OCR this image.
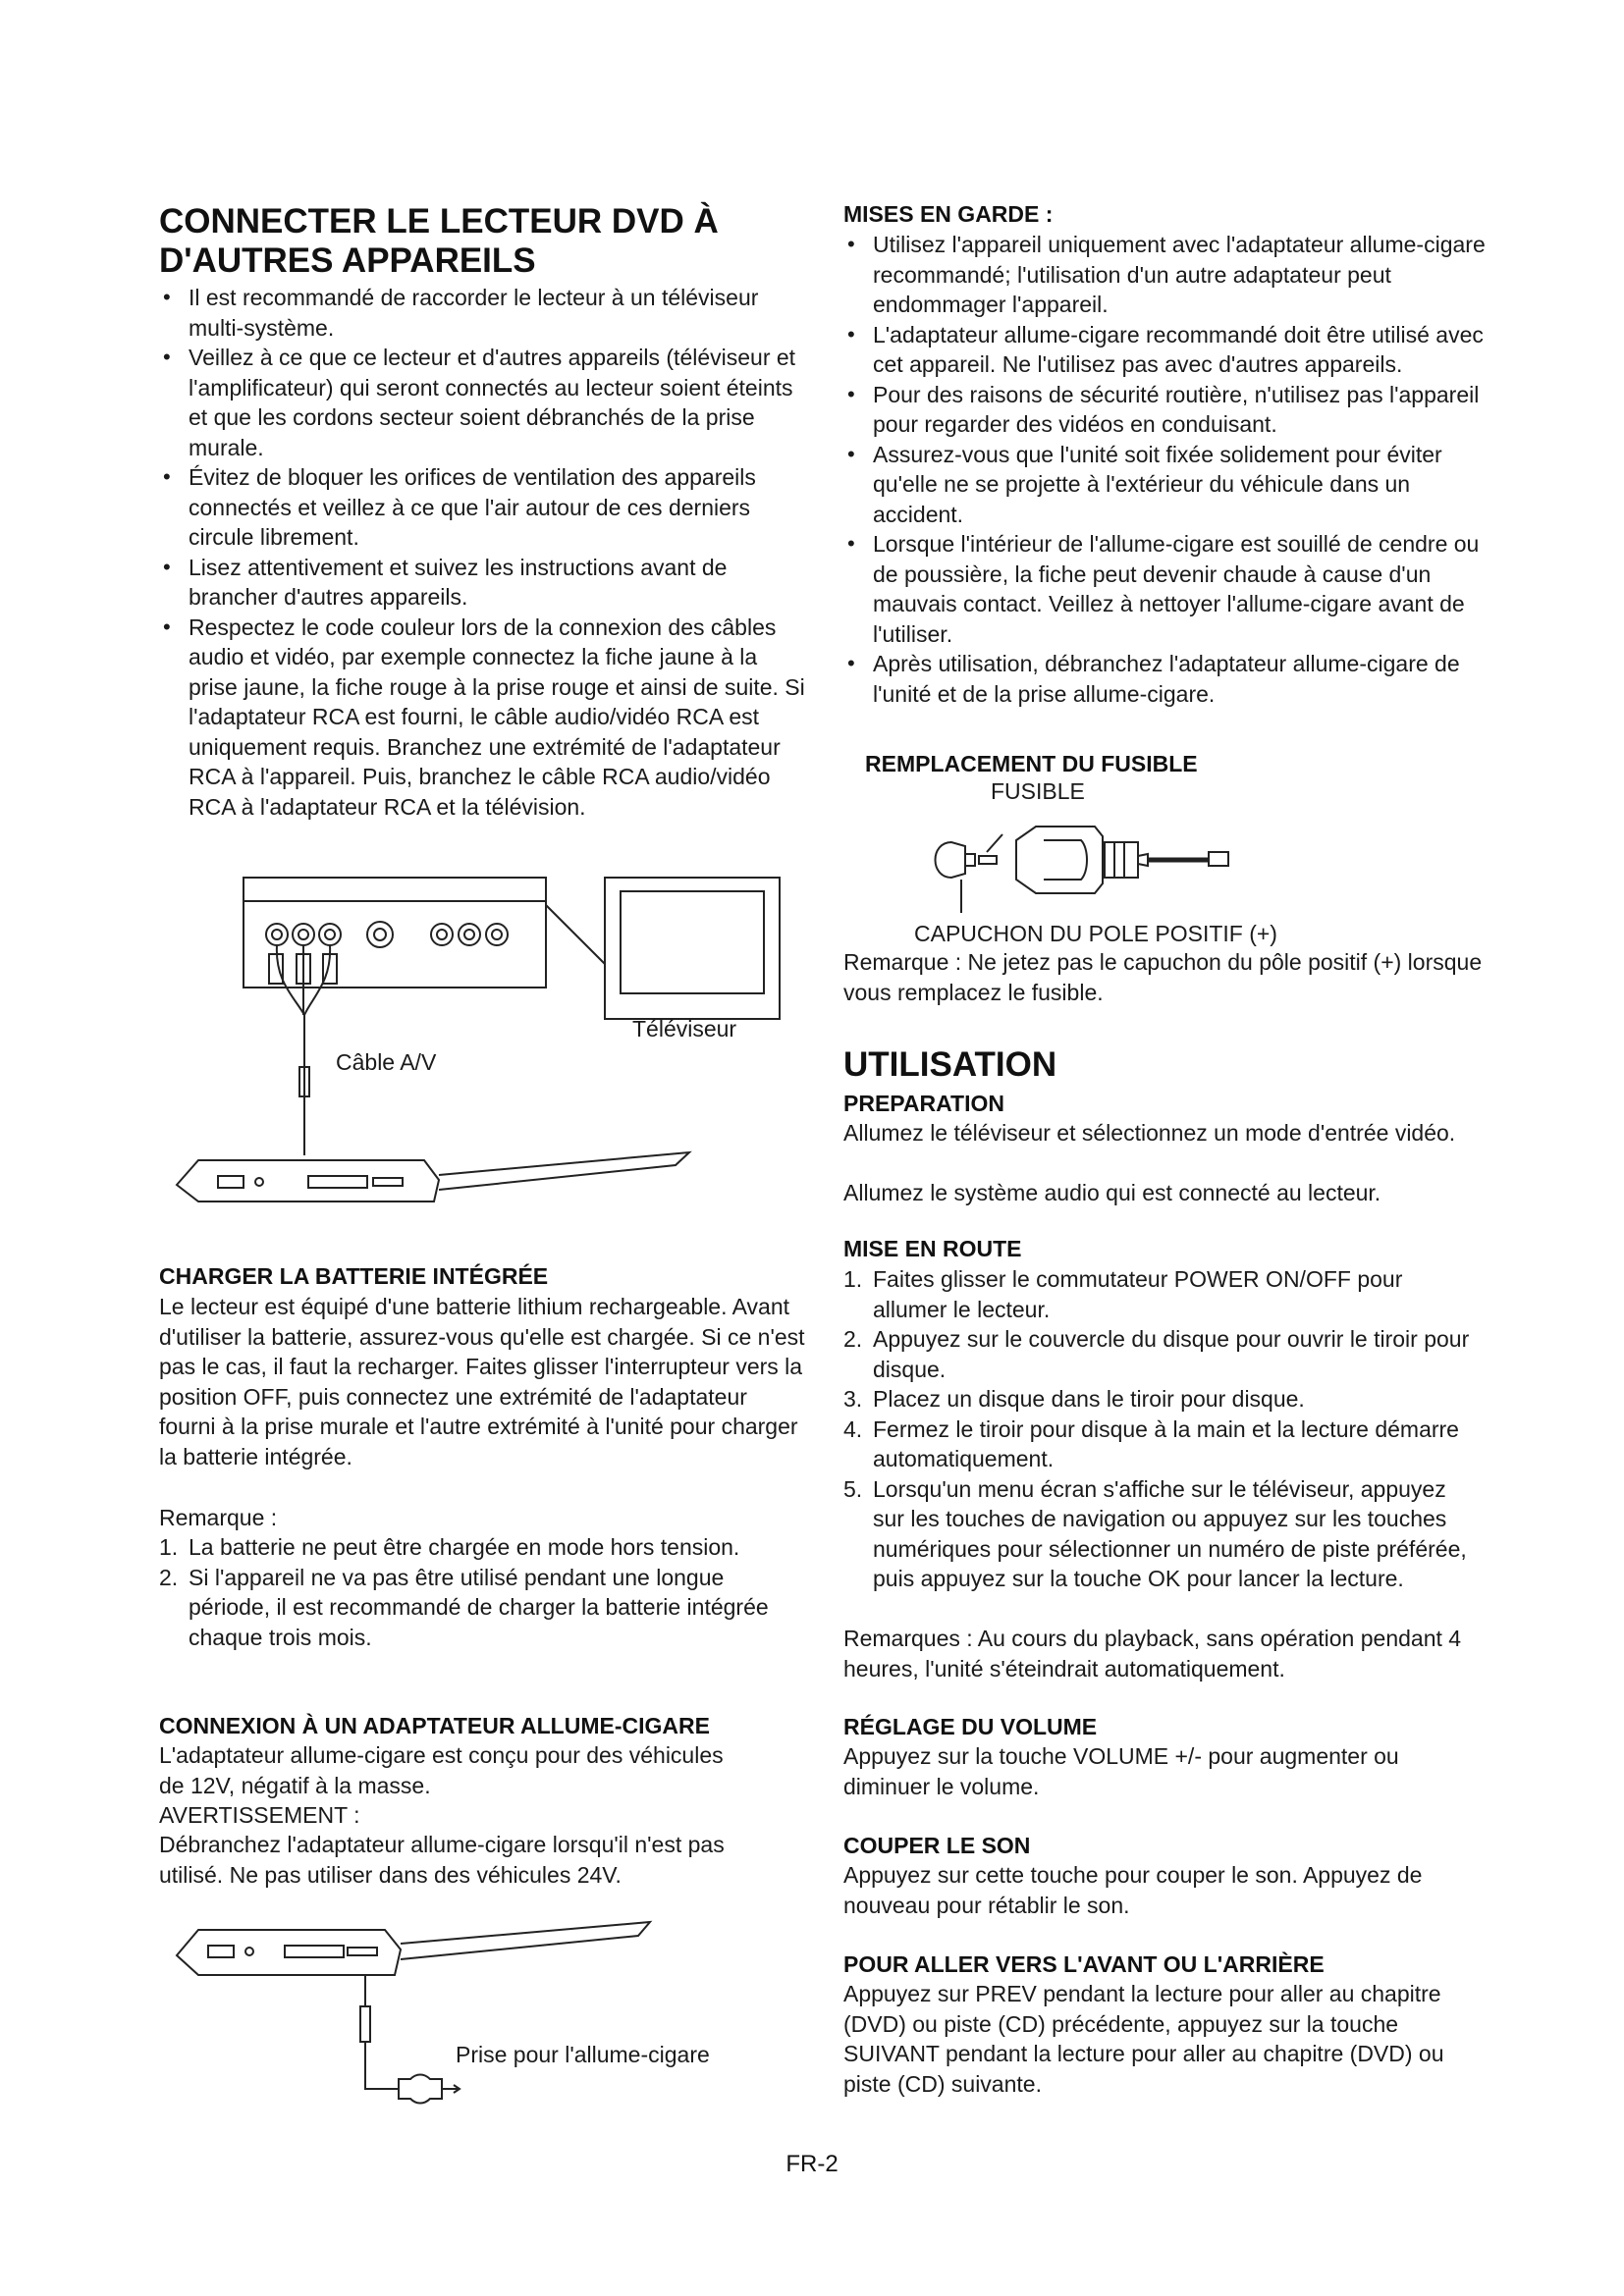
CONNECTER LE LECTEUR DVD À
D'AUTRES APPAREILS
• Il est recommandé de raccorder le lecteur à un téléviseur multi-système.
• Veillez à ce que ce lecteur et d'autres appareils (téléviseur et l'amplificateur) qui seront connectés au lecteur soient éteints et que les cordons secteur soient débranchés de la prise murale.
• Évitez de bloquer les orifices de ventilation des appareils connectés et veillez à ce que l'air autour de ces derniers circule librement.
• Lisez attentivement et suivez les instructions avant de brancher d'autres appareils.
• Respectez le code couleur lors de la connexion des câbles audio et vidéo, par exemple connectez la fiche jaune à la prise jaune, la fiche rouge à la prise rouge et ainsi de suite. Si l'adaptateur RCA est fourni, le câble audio/vidéo RCA est uniquement requis. Branchez une extrémité de l'adaptateur RCA à l'appareil. Puis, branchez le câble RCA audio/vidéo RCA à l'adaptateur RCA et la télévision.
Téléviseur
Câble A/V
CHARGER LA BATTERIE INTÉGRÉE
Le lecteur est équipé d'une batterie lithium rechargeable. Avant d'utiliser la batterie, assurez-vous qu'elle est chargée. Si ce n'est pas le cas, il faut la recharger. Faites glisser l'interrupteur vers la position OFF, puis connectez une extrémité de l'adaptateur fourni à la prise murale et l'autre extrémité à l'unité pour charger la batterie intégrée.
Remarque :
1. La batterie ne peut être chargée en mode hors tension.
2. Si l'appareil ne va pas être utilisé pendant une longue période, il est recommandé de charger la batterie intégrée chaque trois mois.
CONNEXION À UN ADAPTATEUR ALLUME-CIGARE
L'adaptateur allume-cigare est conçu pour des véhicules de 12V, négatif à la masse.
AVERTISSEMENT :
Débranchez l'adaptateur allume-cigare lorsqu'il n'est pas utilisé. Ne pas utiliser dans des véhicules 24V.
Prise pour l'allume-cigare
MISES EN GARDE :
• Utilisez l'appareil uniquement avec l'adaptateur allume-cigare recommandé; l'utilisation d'un autre adaptateur peut endommager l'appareil.
• L'adaptateur allume-cigare recommandé doit être utilisé avec cet appareil. Ne l'utilisez pas avec d'autres appareils.
• Pour des raisons de sécurité routière, n'utilisez pas l'appareil pour regarder des vidéos en conduisant.
• Assurez-vous que l'unité soit fixée solidement pour éviter qu'elle ne se projette à l'extérieur du véhicule dans un accident.
• Lorsque l'intérieur de l'allume-cigare est souillé de cendre ou de poussière, la fiche peut devenir chaude à cause d'un mauvais contact. Veillez à nettoyer l'allume-cigare avant de l'utiliser.
• Après utilisation, débranchez l'adaptateur allume-cigare de l'unité et de la prise allume-cigare.
REMPLACEMENT DU FUSIBLE
FUSIBLE
CAPUCHON DU POLE POSITIF (+)
Remarque : Ne jetez pas le capuchon du pôle positif (+) lorsque vous remplacez le fusible.
UTILISATION
PREPARATION
Allumez le téléviseur et sélectionnez un mode d'entrée vidéo.
Allumez le système audio qui est connecté au lecteur.
MISE EN ROUTE
1. Faites glisser le commutateur POWER ON/OFF pour allumer le lecteur.
2. Appuyez sur le couvercle du disque pour ouvrir le tiroir pour disque.
3. Placez un disque dans le tiroir pour disque.
4. Fermez le tiroir pour disque à la main et la lecture démarre automatiquement.
5. Lorsqu'un menu écran s'affiche sur le téléviseur, appuyez sur les touches de navigation ou appuyez sur les touches numériques pour sélectionner un numéro de piste préférée, puis appuyez sur la touche OK pour lancer la lecture.
Remarques : Au cours du playback, sans opération pendant 4 heures, l'unité s'éteindrait automatiquement.
RÉGLAGE DU VOLUME
Appuyez sur la touche VOLUME +/- pour augmenter ou diminuer le volume.
COUPER LE SON
Appuyez sur cette touche pour couper le son. Appuyez de nouveau pour rétablir le son.
POUR ALLER VERS L'AVANT OU L'ARRIÈRE
Appuyez sur PREV pendant la lecture pour aller au chapitre (DVD) ou piste (CD) précédente, appuyez sur la touche SUIVANT pendant la lecture pour aller au chapitre (DVD) ou piste (CD) suivante.
FR-2
